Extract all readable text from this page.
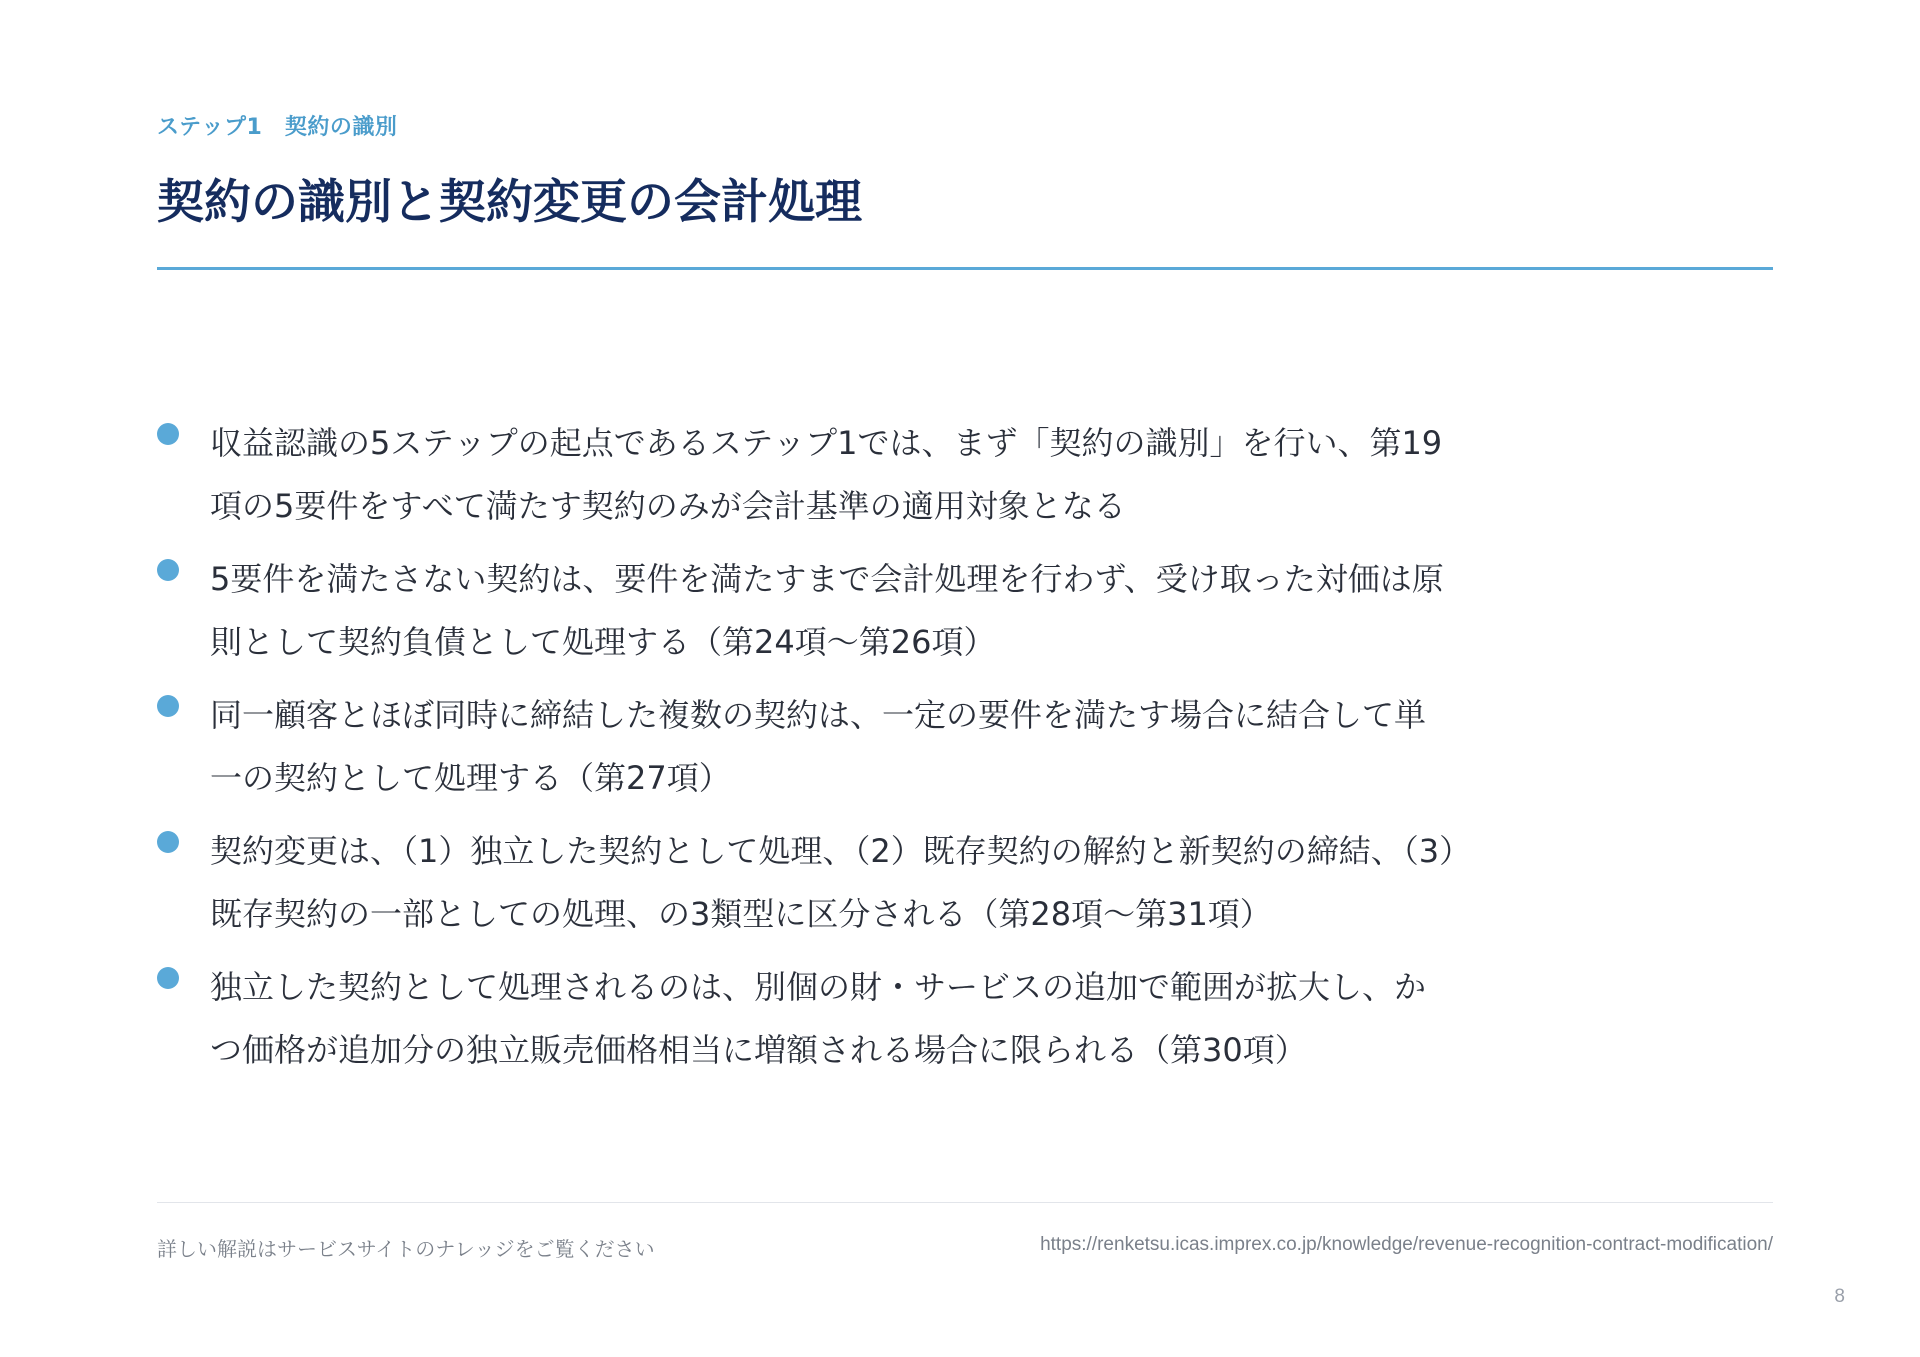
ステップ1　契約の識別
契約の識別と契約変更の会計処理
収益認識の5ステップの起点であるステップ1では、まず「契約の識別」を行い、第19
項の5要件をすべて満たす契約のみが会計基準の適用対象となる
5要件を満たさない契約は、要件を満たすまで会計処理を行わず、受け取った対価は原
則として契約負債として処理する（第24項〜第26項）
同一顧客とほぼ同時に締結した複数の契約は、一定の要件を満たす場合に結合して単
一の契約として処理する（第27項）
契約変更は、（1）独立した契約として処理、（2）既存契約の解約と新契約の締結、（3）
既存契約の一部としての処理、の3類型に区分される（第28項〜第31項）
独立した契約として処理されるのは、別個の財・サービスの追加で範囲が拡大し、か
つ価格が追加分の独立販売価格相当に増額される場合に限られる（第30項）
詳しい解説はサービスサイトのナレッジをご覧ください	https://renketsu.icas.imprex.co.jp/knowledge/revenue-recognition-contract-modification/
8
